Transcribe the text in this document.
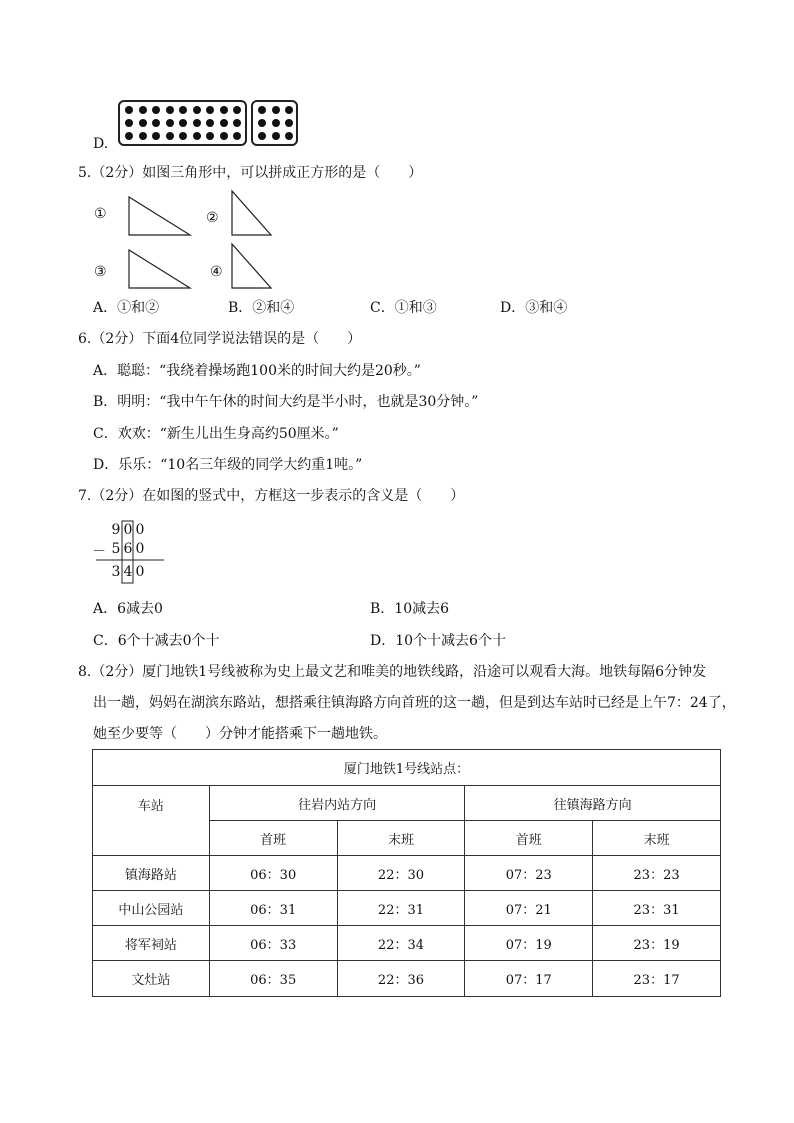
D.
5.（2分）如图三角形中，可以拼成正方形的是（　　）
①	②
③	④
A．①和②	B．②和④	C．①和③	D．③和④
6.（2分）下面4位同学说法错误的是（　　）
A．聪聪：“我绕着操场跑100米的时间大约是20秒。”
B．明明：“我中午午休的时间大约是半小时，也就是30分钟。”
C．欢欢：“新生儿出生身高约50厘米。”
D．乐乐：“10名三年级的同学大约重1吨。”
7.（2分）在如图的竖式中，方框这一步表示的含义是（　　）
9 0 0
－ 5 6 0
3 4 0
A．6减去0	B．10减去6
C．6个十减去0个十	D．10个十减去6个十
8.（2分）厦门地铁1号线被称为史上最文艺和唯美的地铁线路，沿途可以观看大海。地铁每隔6分钟发
出一趟，妈妈在湖滨东路站，想搭乘往镇海路方向首班的这一趟，但是到达车站时已经是上午7：24了，
她至少要等（　　）分钟才能搭乘下一趟地铁。
厦门地铁1号线站点：				
车站	往岩内站方向		往镇海路方向	
	首班	末班	首班	末班
镇海路站	06：30	22：30	07：23	23：23
中山公园站	06：31	22：31	07：21	23：31
将军祠站	06：33	22：34	07：19	23：19
文灶站	06：35	22：36	07：17	23：17
